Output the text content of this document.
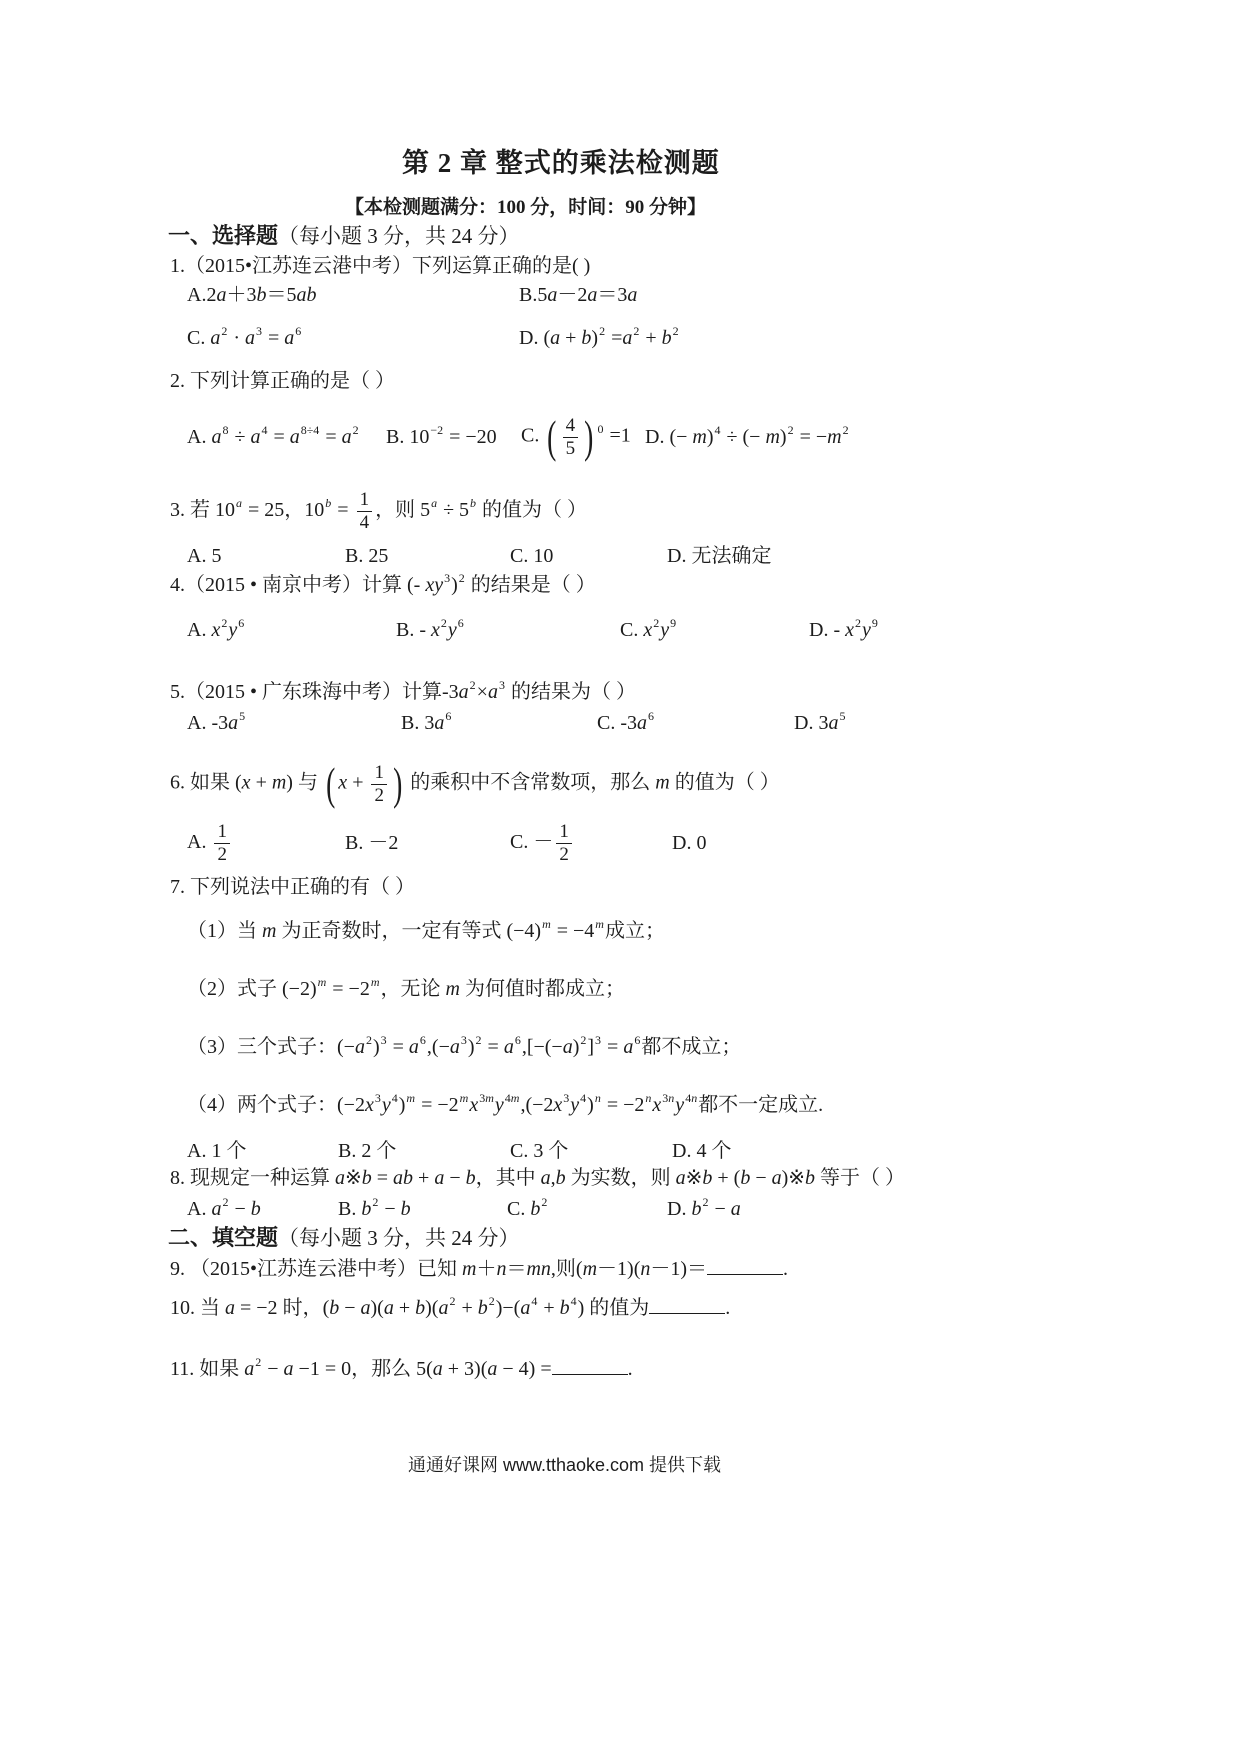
第 2 章 整式的乘法检测题
【本检测题满分：100 分，时间：90 分钟】
一、选择题（每小题 3 分，共 24 分）
1.（2015•江苏连云港中考）下列运算正确的是( )
A.2a＋3b＝5ab	B.5a－2a＝3a
C. $a^2 \cdot a^3 = a^6$	D. $(a + b)^2 =a^2 + b^2$
2. 下列计算正确的是（ ）
A. $a^8 \div a^4 = a^{8\div 4} = a^2$ B. $10^{-2} = -20$ C. ( $\frac{4}{5}$ ) $^0$ =1 D. (− m)$^4$ ÷ (− $m)^2 = -m^2$
3. 若 $10^a = 25$，$10^b = \frac{1}{4}$ ，则 $5^a \div 5^b$ 的值为（ ）
A. 5	B. 25	C. 10	D. 无法确定
4.（2015 • 南京中考）计算 (- $xy^3)^2$ 的结果是（ ）
A. $x^2y^6$	B. - $x^2y^6$	C. $x^2y^9$	D. - $x^2y^9$
5.（2015 • 广东珠海中考）计算$-3a^2\times a^3$ 的结果为（ ）
A. $-3a^5$	B. $3a^6$	C. $-3a^6$	D. $3a^5$
6. 如果 (x + m) 与 ( $x + \frac{1}{2}$ ) 的乘积中不含常数项，那么 m 的值为（ ）
A. $\frac{1}{2}$	B. －2	C. － $\frac{1}{2}$	D. 0
7. 下列说法中正确的有（ ）
（1）当 m 为正奇数时，一定有等式 $(-4)^m = -4^m$成立；
（2）式子 $(-2)^m = -2^m$，无论 m 为何值时都成立；
（3）三个式子：$(-a^2)^3 = a^6,(-a^3)^2 = a^6,[-(-a)^2]^3 = a^6$都不成立；
（4）两个式子：$(-2x^3y^4)^m = -2^mx^{3m}y^{4m},(-2x^3y^4)^n = -2^nx^{3n}y^{4n}$都不一定成立.
A. 1 个	B. 2 个	C. 3 个	D. 4 个
8. 现规定一种运算 a※b = ab + a − b，其中 a,b 为实数，则 a※b + (b − a)※b 等于（ ）
A. $a^2 - b$	B. $b^2 - b$	C. $b^2$	D. $b^2 - a$
二、填空题（每小题 3 分，共 24 分）
9. （2015•江苏连云港中考）已知 m＋n＝mn,则(m－1)(n－1)＝	.
10. 当 a = −2 时，$(b - a)(a + b)(a^2 + b^2)-(a^4 + b^4)$ 的值为	.
11. 如果 $a^2 - a -1 = 0$，那么 5(a + 3)(a − 4) =	.
通通好课网 www.tthaoke.com 提供下载
